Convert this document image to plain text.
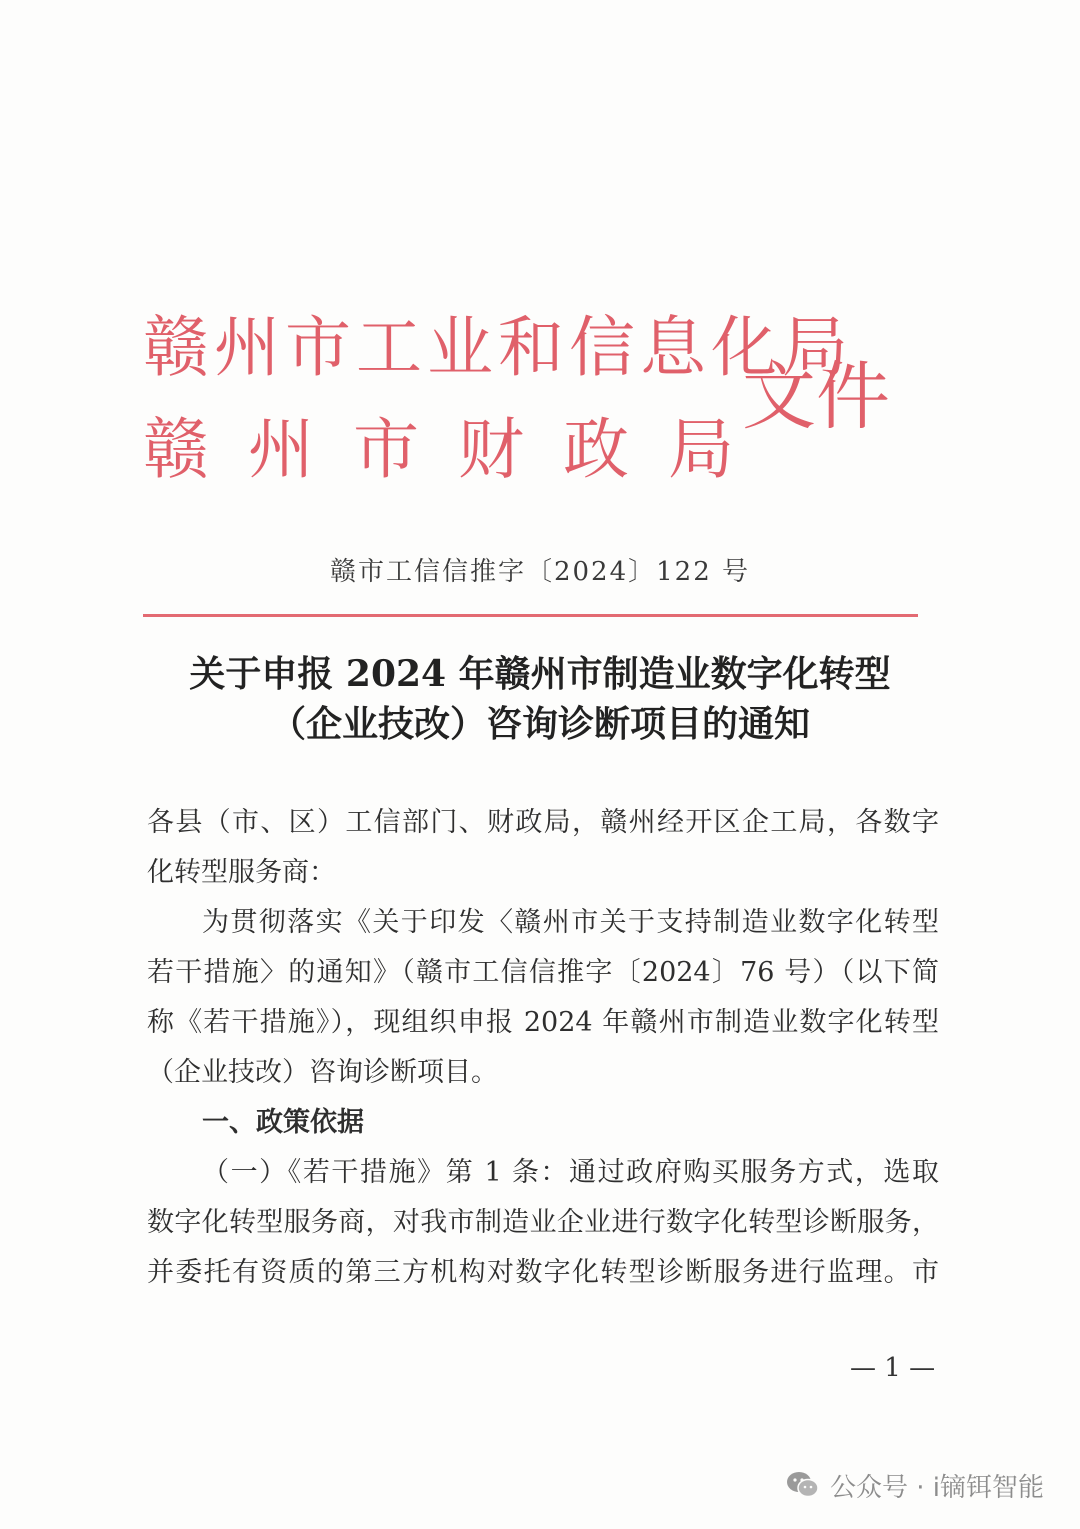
赣州市工业和信息化局
赣州市财政局
文件
赣市工信信推字〔2024〕122 号
关于申报 2024 年赣州市制造业数字化转型
（企业技改）咨询诊断项目的通知
各县（市、区）工信部门、财政局，赣州经开区企工局，各数字
化转型服务商：
为贯彻落实《关于印发〈赣州市关于支持制造业数字化转型
若干措施〉的通知》（赣市工信信推字〔2024〕76 号）（以下简
称《若干措施》），现组织申报 2024 年赣州市制造业数字化转型
（企业技改）咨询诊断项目。
一、政策依据
（一）《若干措施》第 1 条：通过政府购买服务方式，选取
数字化转型服务商，对我市制造业企业进行数字化转型诊断服务，
并委托有资质的第三方机构对数字化转型诊断服务进行监理。市
— 1 —
公众号 · i镝铒智能
